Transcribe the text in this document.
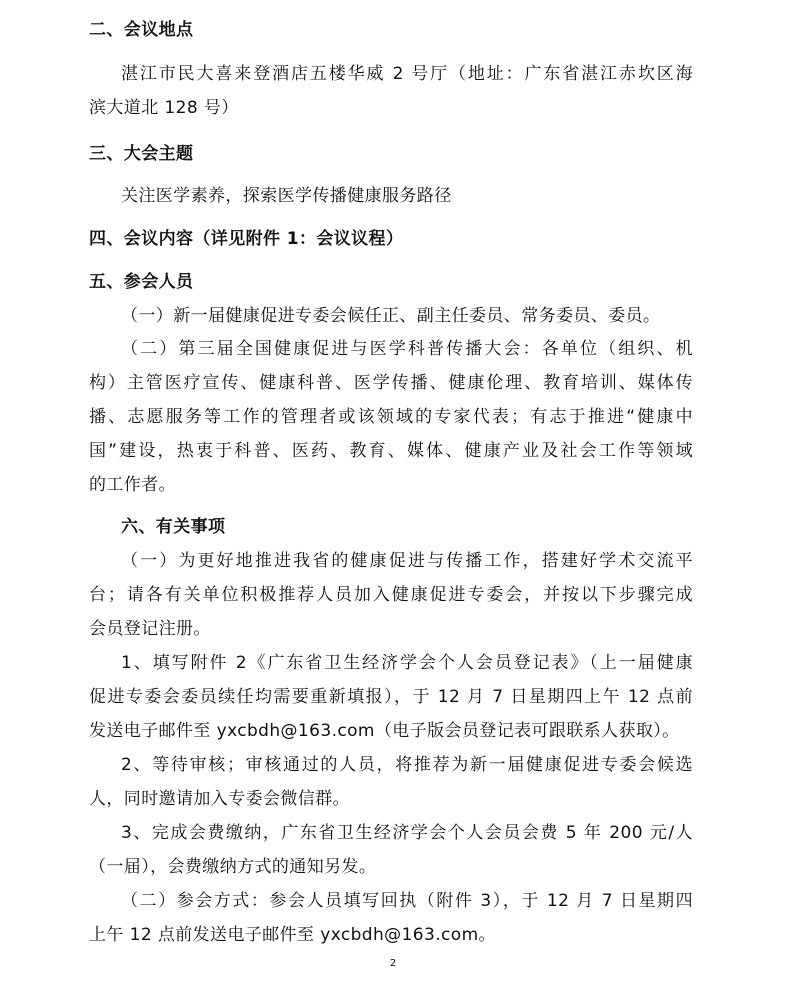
二、会议地点

湛江市民大喜来登酒店五楼华威 2 号厅（地址：广东省湛江赤坎区海

滨大道北 128 号）

三、大会主题

关注医学素养，探索医学传播健康服务路径

四、会议内容（详见附件 1：会议议程）

五、参会人员

（一）新一届健康促进专委会候任正、副主任委员、常务委员、委员。

（二）第三届全国健康促进与医学科普传播大会：各单位（组织、机

构）主管医疗宣传、健康科普、医学传播、健康伦理、教育培训、媒体传

播、志愿服务等工作的管理者或该领域的专家代表；有志于推进“健康中

国”建设，热衷于科普、医药、教育、媒体、健康产业及社会工作等领域

的工作者。

六、有关事项

（一）为更好地推进我省的健康促进与传播工作，搭建好学术交流平

台；请各有关单位积极推荐人员加入健康促进专委会，并按以下步骤完成

会员登记注册。

1、填写附件 2《广东省卫生经济学会个人会员登记表》（上一届健康

促进专委会委员续任均需要重新填报），于 12 月 7 日星期四上午 12 点前

发送电子邮件至 yxcbdh@163.com（电子版会员登记表可跟联系人获取）。

2、等待审核；审核通过的人员，将推荐为新一届健康促进专委会候选

人，同时邀请加入专委会微信群。

3、完成会费缴纳，广东省卫生经济学会个人会员会费 5 年 200 元/人

（一届），会费缴纳方式的通知另发。

（二）参会方式：参会人员填写回执（附件 3），于 12 月 7 日星期四

上午 12 点前发送电子邮件至 yxcbdh@163.com。

2
